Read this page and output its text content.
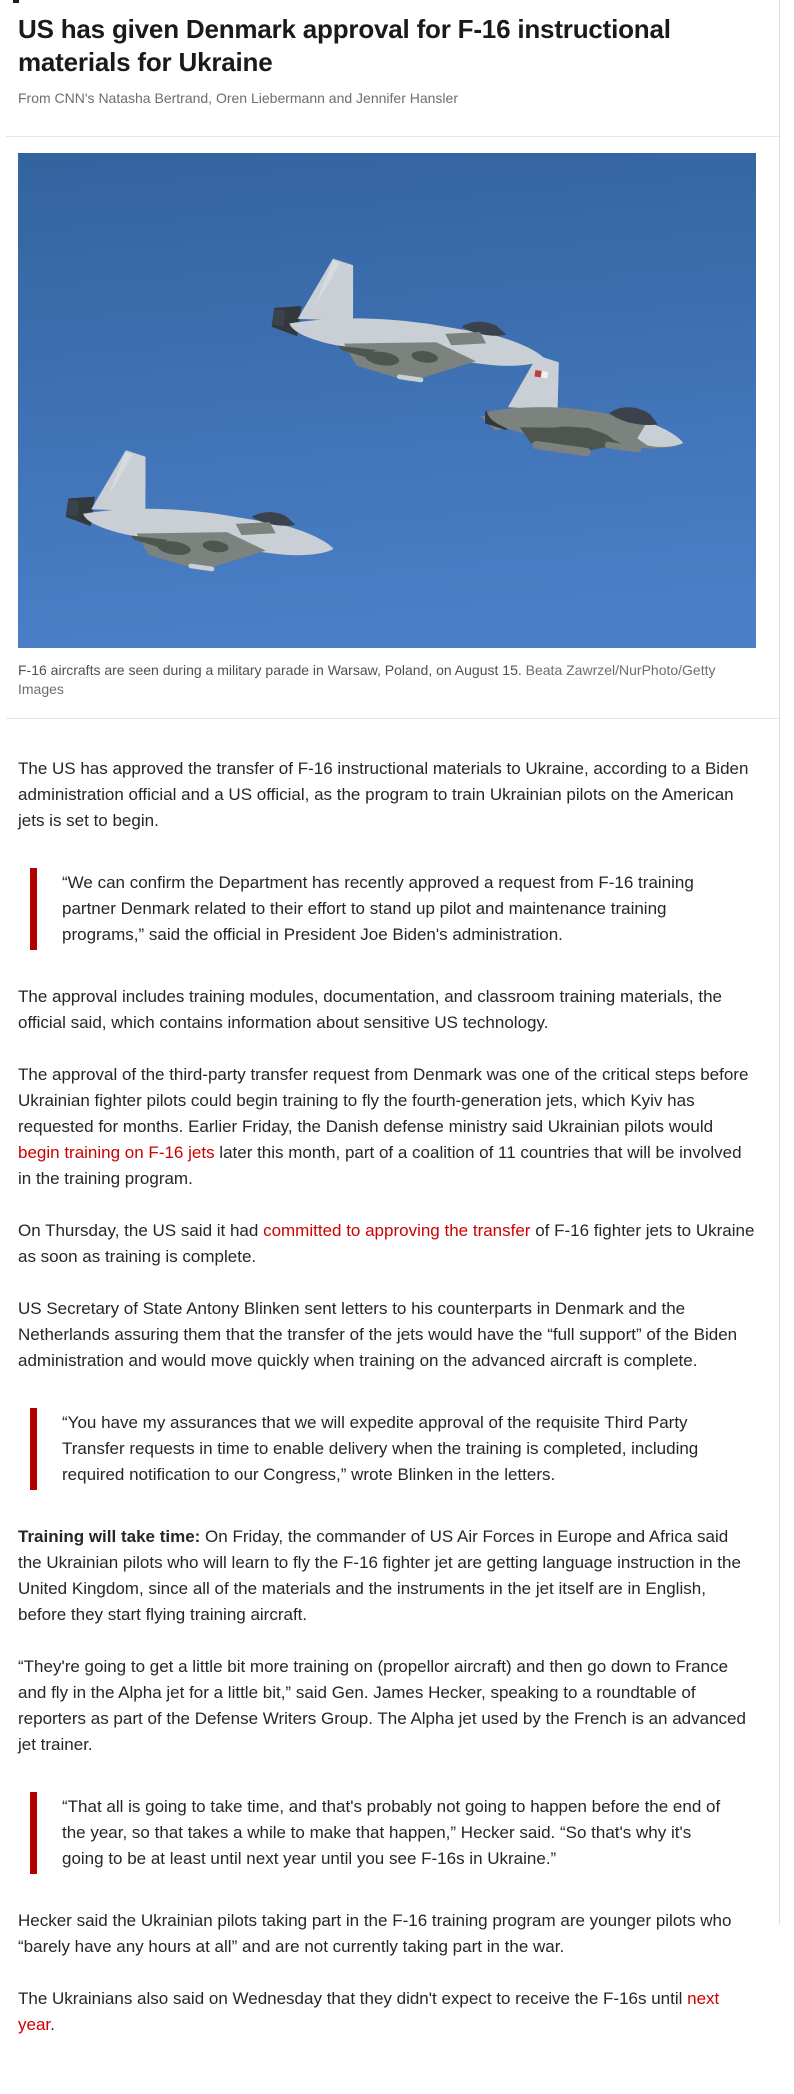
US has given Denmark approval for F-16 instructional materials for Ukraine
From CNN's Natasha Bertrand, Oren Liebermann and Jennifer Hansler
F-16 aircrafts are seen during a military parade in Warsaw, Poland, on August 15. Beata Zawrzel/NurPhoto/Getty Images

The US has approved the transfer of F-16 instructional materials to Ukraine, according to a Biden administration official and a US official, as the program to train Ukrainian pilots on the American jets is set to begin.

“We can confirm the Department has recently approved a request from F-16 training partner Denmark related to their effort to stand up pilot and maintenance training programs,” said the official in President Joe Biden's administration.

The approval includes training modules, documentation, and classroom training materials, the official said, which contains information about sensitive US technology.

The approval of the third-party transfer request from Denmark was one of the critical steps before Ukrainian fighter pilots could begin training to fly the fourth-generation jets, which Kyiv has requested for months. Earlier Friday, the Danish defense ministry said Ukrainian pilots would begin training on F-16 jets later this month, part of a coalition of 11 countries that will be involved in the training program.

On Thursday, the US said it had committed to approving the transfer of F-16 fighter jets to Ukraine as soon as training is complete.

US Secretary of State Antony Blinken sent letters to his counterparts in Denmark and the Netherlands assuring them that the transfer of the jets would have the “full support” of the Biden administration and would move quickly when training on the advanced aircraft is complete.

“You have my assurances that we will expedite approval of the requisite Third Party Transfer requests in time to enable delivery when the training is completed, including required notification to our Congress,” wrote Blinken in the letters.

Training will take time: On Friday, the commander of US Air Forces in Europe and Africa said the Ukrainian pilots who will learn to fly the F-16 fighter jet are getting language instruction in the United Kingdom, since all of the materials and the instruments in the jet itself are in English, before they start flying training aircraft.

“They're going to get a little bit more training on (propellor aircraft) and then go down to France and fly in the Alpha jet for a little bit,” said Gen. James Hecker, speaking to a roundtable of reporters as part of the Defense Writers Group. The Alpha jet used by the French is an advanced jet trainer.

“That all is going to take time, and that's probably not going to happen before the end of the year, so that takes a while to make that happen,” Hecker said. “So that's why it's going to be at least until next year until you see F-16s in Ukraine.”

Hecker said the Ukrainian pilots taking part in the F-16 training program are younger pilots who “barely have any hours at all” and are not currently taking part in the war.

The Ukrainians also said on Wednesday that they didn't expect to receive the F-16s until next year.
